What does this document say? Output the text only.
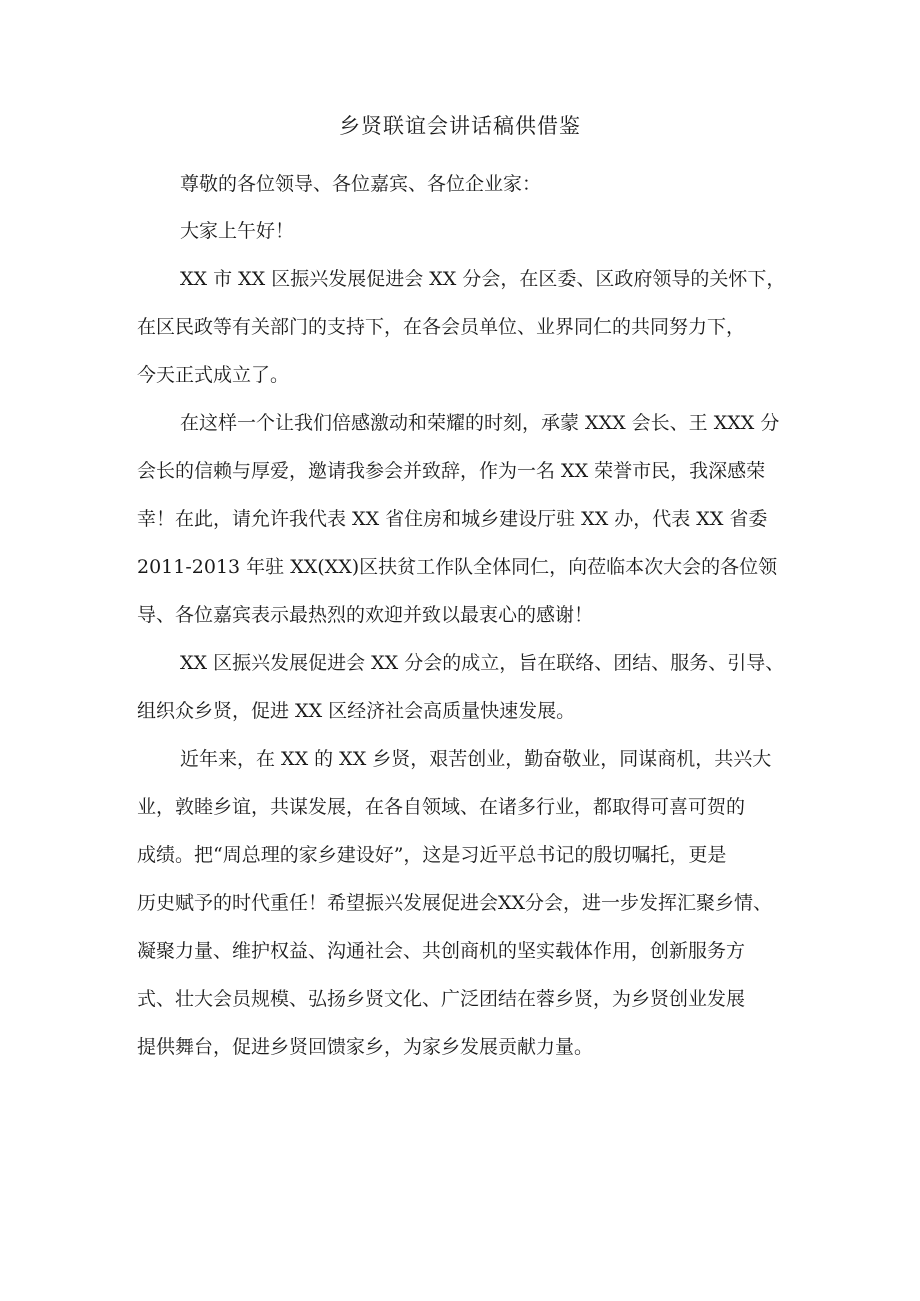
乡贤联谊会讲话稿供借鉴

尊敬的各位领导、各位嘉宾、各位企业家：

大家上午好！

XX 市 XX 区振兴发展促进会 XX 分会，在区委、区政府领导的关怀下，

在区民政等有关部门的支持下，在各会员单位、业界同仁的共同努力下，

今天正式成立了。

在这样一个让我们倍感激动和荣耀的时刻，承蒙 XXX 会长、王 XXX 分

会长的信赖与厚爱，邀请我参会并致辞，作为一名 XX 荣誉市民，我深感荣

幸！在此，请允许我代表 XX 省住房和城乡建设厅驻 XX 办，代表 XX 省委

2011-2013 年驻 XX(XX)区扶贫工作队全体同仁，向莅临本次大会的各位领

导、各位嘉宾表示最热烈的欢迎并致以最衷心的感谢！

XX 区振兴发展促进会 XX 分会的成立，旨在联络、团结、服务、引导、

组织众乡贤，促进 XX 区经济社会高质量快速发展。

近年来，在 XX 的 XX 乡贤，艰苦创业，勤奋敬业，同谋商机，共兴大

业，敦睦乡谊，共谋发展，在各自领域、在诸多行业，都取得可喜可贺的

成绩。把“周总理的家乡建设好”，这是习近平总书记的殷切嘱托，更是

历史赋予的时代重任！希望振兴发展促进会XX分会，进一步发挥汇聚乡情、

凝聚力量、维护权益、沟通社会、共创商机的坚实载体作用，创新服务方

式、壮大会员规模、弘扬乡贤文化、广泛团结在蓉乡贤，为乡贤创业发展

提供舞台，促进乡贤回馈家乡，为家乡发展贡献力量。
